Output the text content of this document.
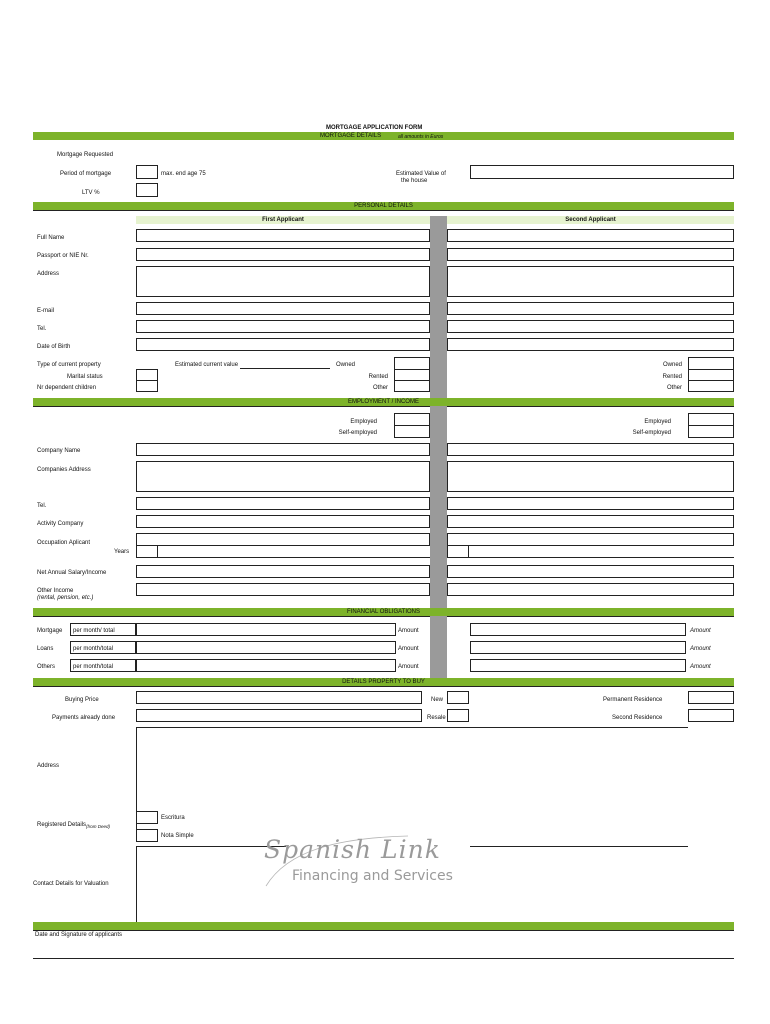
MORTGAGE APPLICATION FORM
MORTGAGE DETAILS	all amounts in Euros
Mortgage Requested
Period of mortgage	max. end age 75	Estimated Value of
the house
LTV %
PERSONAL DETAILS
First Applicant	Second Applicant
Full Name
Passport or NIE Nr.
Address
E-mail
Tel.
Date of Birth
Type of current property	Estimated current value
Marital status
Nr dependent children
Owned
Rented
Other
Owned
Rented
Other
EMPLOYMENT / INCOME
Employed
Self-employed
Employed
Self-employed
Company Name
Companies Address
Tel.
Activity Company
Occupation Aplicant
Years
Net Annual Salary/Income
Other Income
(rental, pension, etc.)
FINANCIAL OBLIGATIONS
Mortgage per month/ total	Amount	Amount
Loans	per month/total	Amount	Amount
Others	per month/total	Amount	Amount
DETAILS PROPERTY TO BUY
Buying Price	New	Permanent Residence
Payments already done	Resale	Second Residence
Address
Registered Details (from Deed)
Escritura
Nota Simple
Contact Details for Valuation
Spanish Link
Financing and Services
Date and Signature of applicants
